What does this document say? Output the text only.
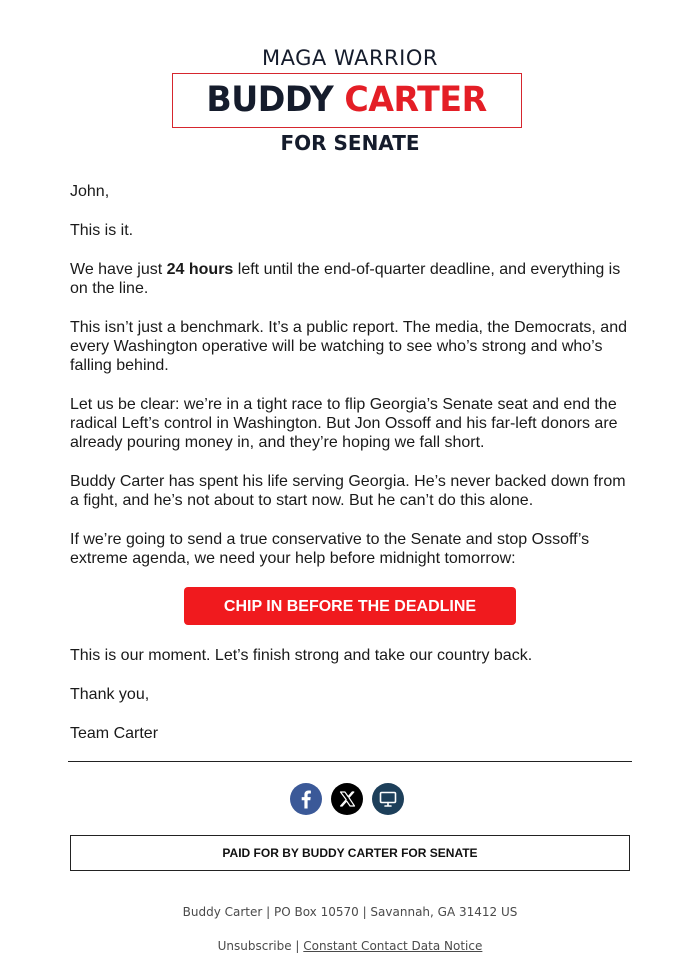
MAGA WARRIOR
BUDDY CARTER
FOR SENATE

John,

This is it.

We have just 24 hours left until the end-of-quarter deadline, and everything is on the line.

This isn’t just a benchmark. It’s a public report. The media, the Democrats, and every Washington operative will be watching to see who’s strong and who’s falling behind.

Let us be clear: we’re in a tight race to flip Georgia’s Senate seat and end the radical Left’s control in Washington. But Jon Ossoff and his far-left donors are already pouring money in, and they’re hoping we fall short.

Buddy Carter has spent his life serving Georgia. He’s never backed down from a fight, and he’s not about to start now. But he can’t do this alone.

If we’re going to send a true conservative to the Senate and stop Ossoff’s extreme agenda, we need your help before midnight tomorrow:

CHIP IN BEFORE THE DEADLINE

This is our moment. Let’s finish strong and take our country back.

Thank you,

Team Carter

PAID FOR BY BUDDY CARTER FOR SENATE
Buddy Carter | PO Box 10570 | Savannah, GA 31412 US
Unsubscribe | Constant Contact Data Notice
